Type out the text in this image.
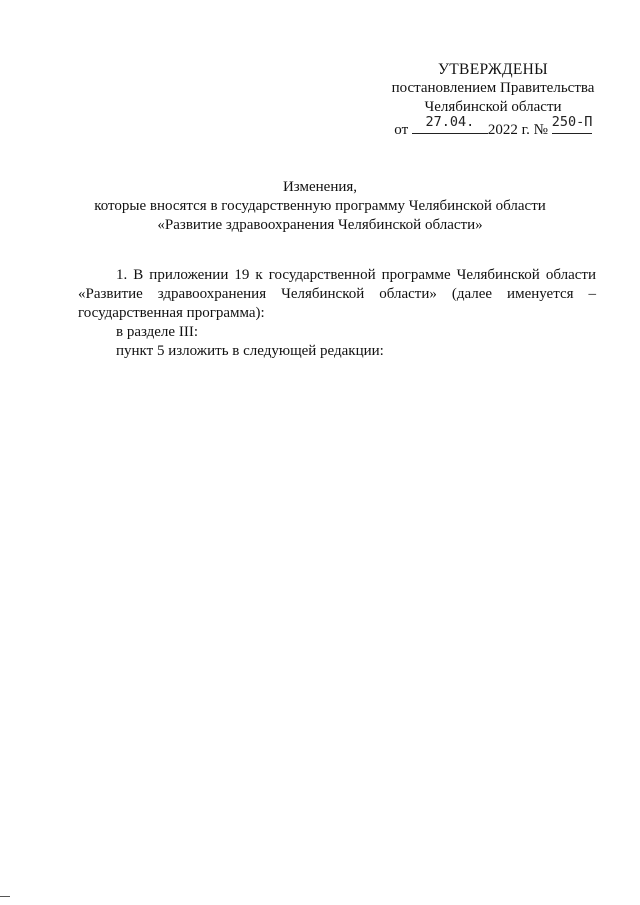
УТВЕРЖДЕНЫ
постановлением Правительства
Челябинской области
от	27.04. 2022 г. № 250-П
Изменения,
которые вносятся в государственную программу Челябинской области
«Развитие здравоохранения Челябинской области»

1. В приложении 19 к государственной программе Челябинской области «Развитие здравоохранения Челябинской области» (далее именуется – государственная программа):

в разделе III:

пункт 5 изложить в следующей редакции:
